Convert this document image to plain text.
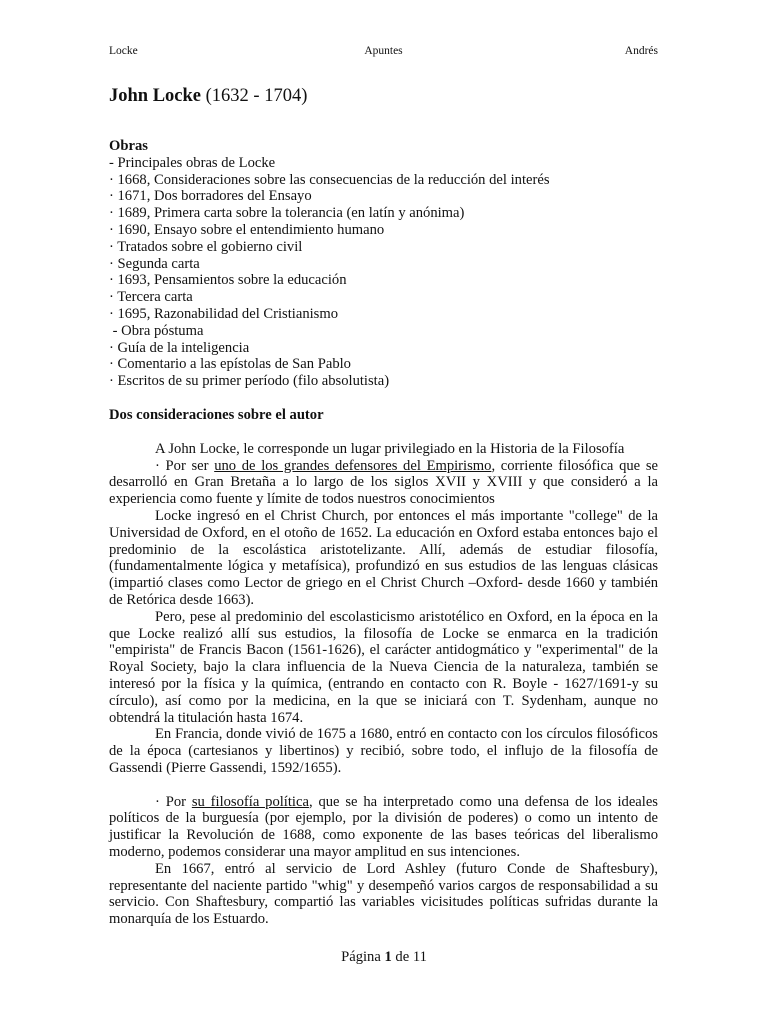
Locke	Apuntes	Andrés
John Locke (1632 - 1704)
Obras
- Principales obras de Locke
· 1668, Consideraciones sobre las consecuencias de la reducción del interés
· 1671, Dos borradores del Ensayo
· 1689, Primera carta sobre la tolerancia (en latín y anónima)
· 1690, Ensayo sobre el entendimiento humano
· Tratados sobre el gobierno civil
· Segunda carta
· 1693, Pensamientos sobre la educación
· Tercera carta
· 1695, Razonabilidad del Cristianismo
- Obra póstuma
· Guía de la inteligencia
· Comentario a las epístolas de San Pablo
· Escritos de su primer período (filo absolutista)
Dos consideraciones sobre el autor

A John Locke, le corresponde un lugar privilegiado en la Historia de la Filosofía

· Por ser uno de los grandes defensores del Empirismo, corriente filosófica que se desarrolló en Gran Bretaña a lo largo de los siglos XVII y XVIII y que consideró a la experiencia como fuente y límite de todos nuestros conocimientos

Locke ingresó en el Christ Church, por entonces el más importante "college" de la Universidad de Oxford, en el otoño de 1652. La educación en Oxford estaba entonces bajo el predominio de la escolástica aristotelizante. Allí, además de estudiar filosofía, (fundamentalmente lógica y metafísica), profundizó en sus estudios de las lenguas clásicas (impartió clases como Lector de griego en el Christ Church –Oxford- desde 1660 y también de Retórica desde 1663).

Pero, pese al predominio del escolasticismo aristotélico en Oxford, en la época en la que Locke realizó allí sus estudios, la filosofía de Locke se enmarca en la tradición "empirista" de Francis Bacon (1561-1626), el carácter antidogmático y "experimental" de la Royal Society, bajo la clara influencia de la Nueva Ciencia de la naturaleza, también se interesó por la física y la química, (entrando en contacto con R. Boyle - 1627/1691-y su círculo), así como por la medicina, en la que se iniciará con T. Sydenham, aunque no obtendrá la titulación hasta 1674.

En Francia, donde vivió de 1675 a 1680, entró en contacto con los círculos filosóficos de la época (cartesianos y libertinos) y recibió, sobre todo, el influjo de la filosofía de Gassendi (Pierre Gassendi, 1592/1655).

· Por su filosofía política, que se ha interpretado como una defensa de los ideales políticos de la burguesía (por ejemplo, por la división de poderes) o como un intento de justificar la Revolución de 1688, como exponente de las bases teóricas del liberalismo moderno, podemos considerar una mayor amplitud en sus intenciones.

En 1667, entró al servicio de Lord Ashley (futuro Conde de Shaftesbury), representante del naciente partido "whig" y desempeñó varios cargos de responsabilidad a su servicio. Con Shaftesbury, compartió las variables vicisitudes políticas sufridas durante la monarquía de los Estuardo.

Página 1 de 11
